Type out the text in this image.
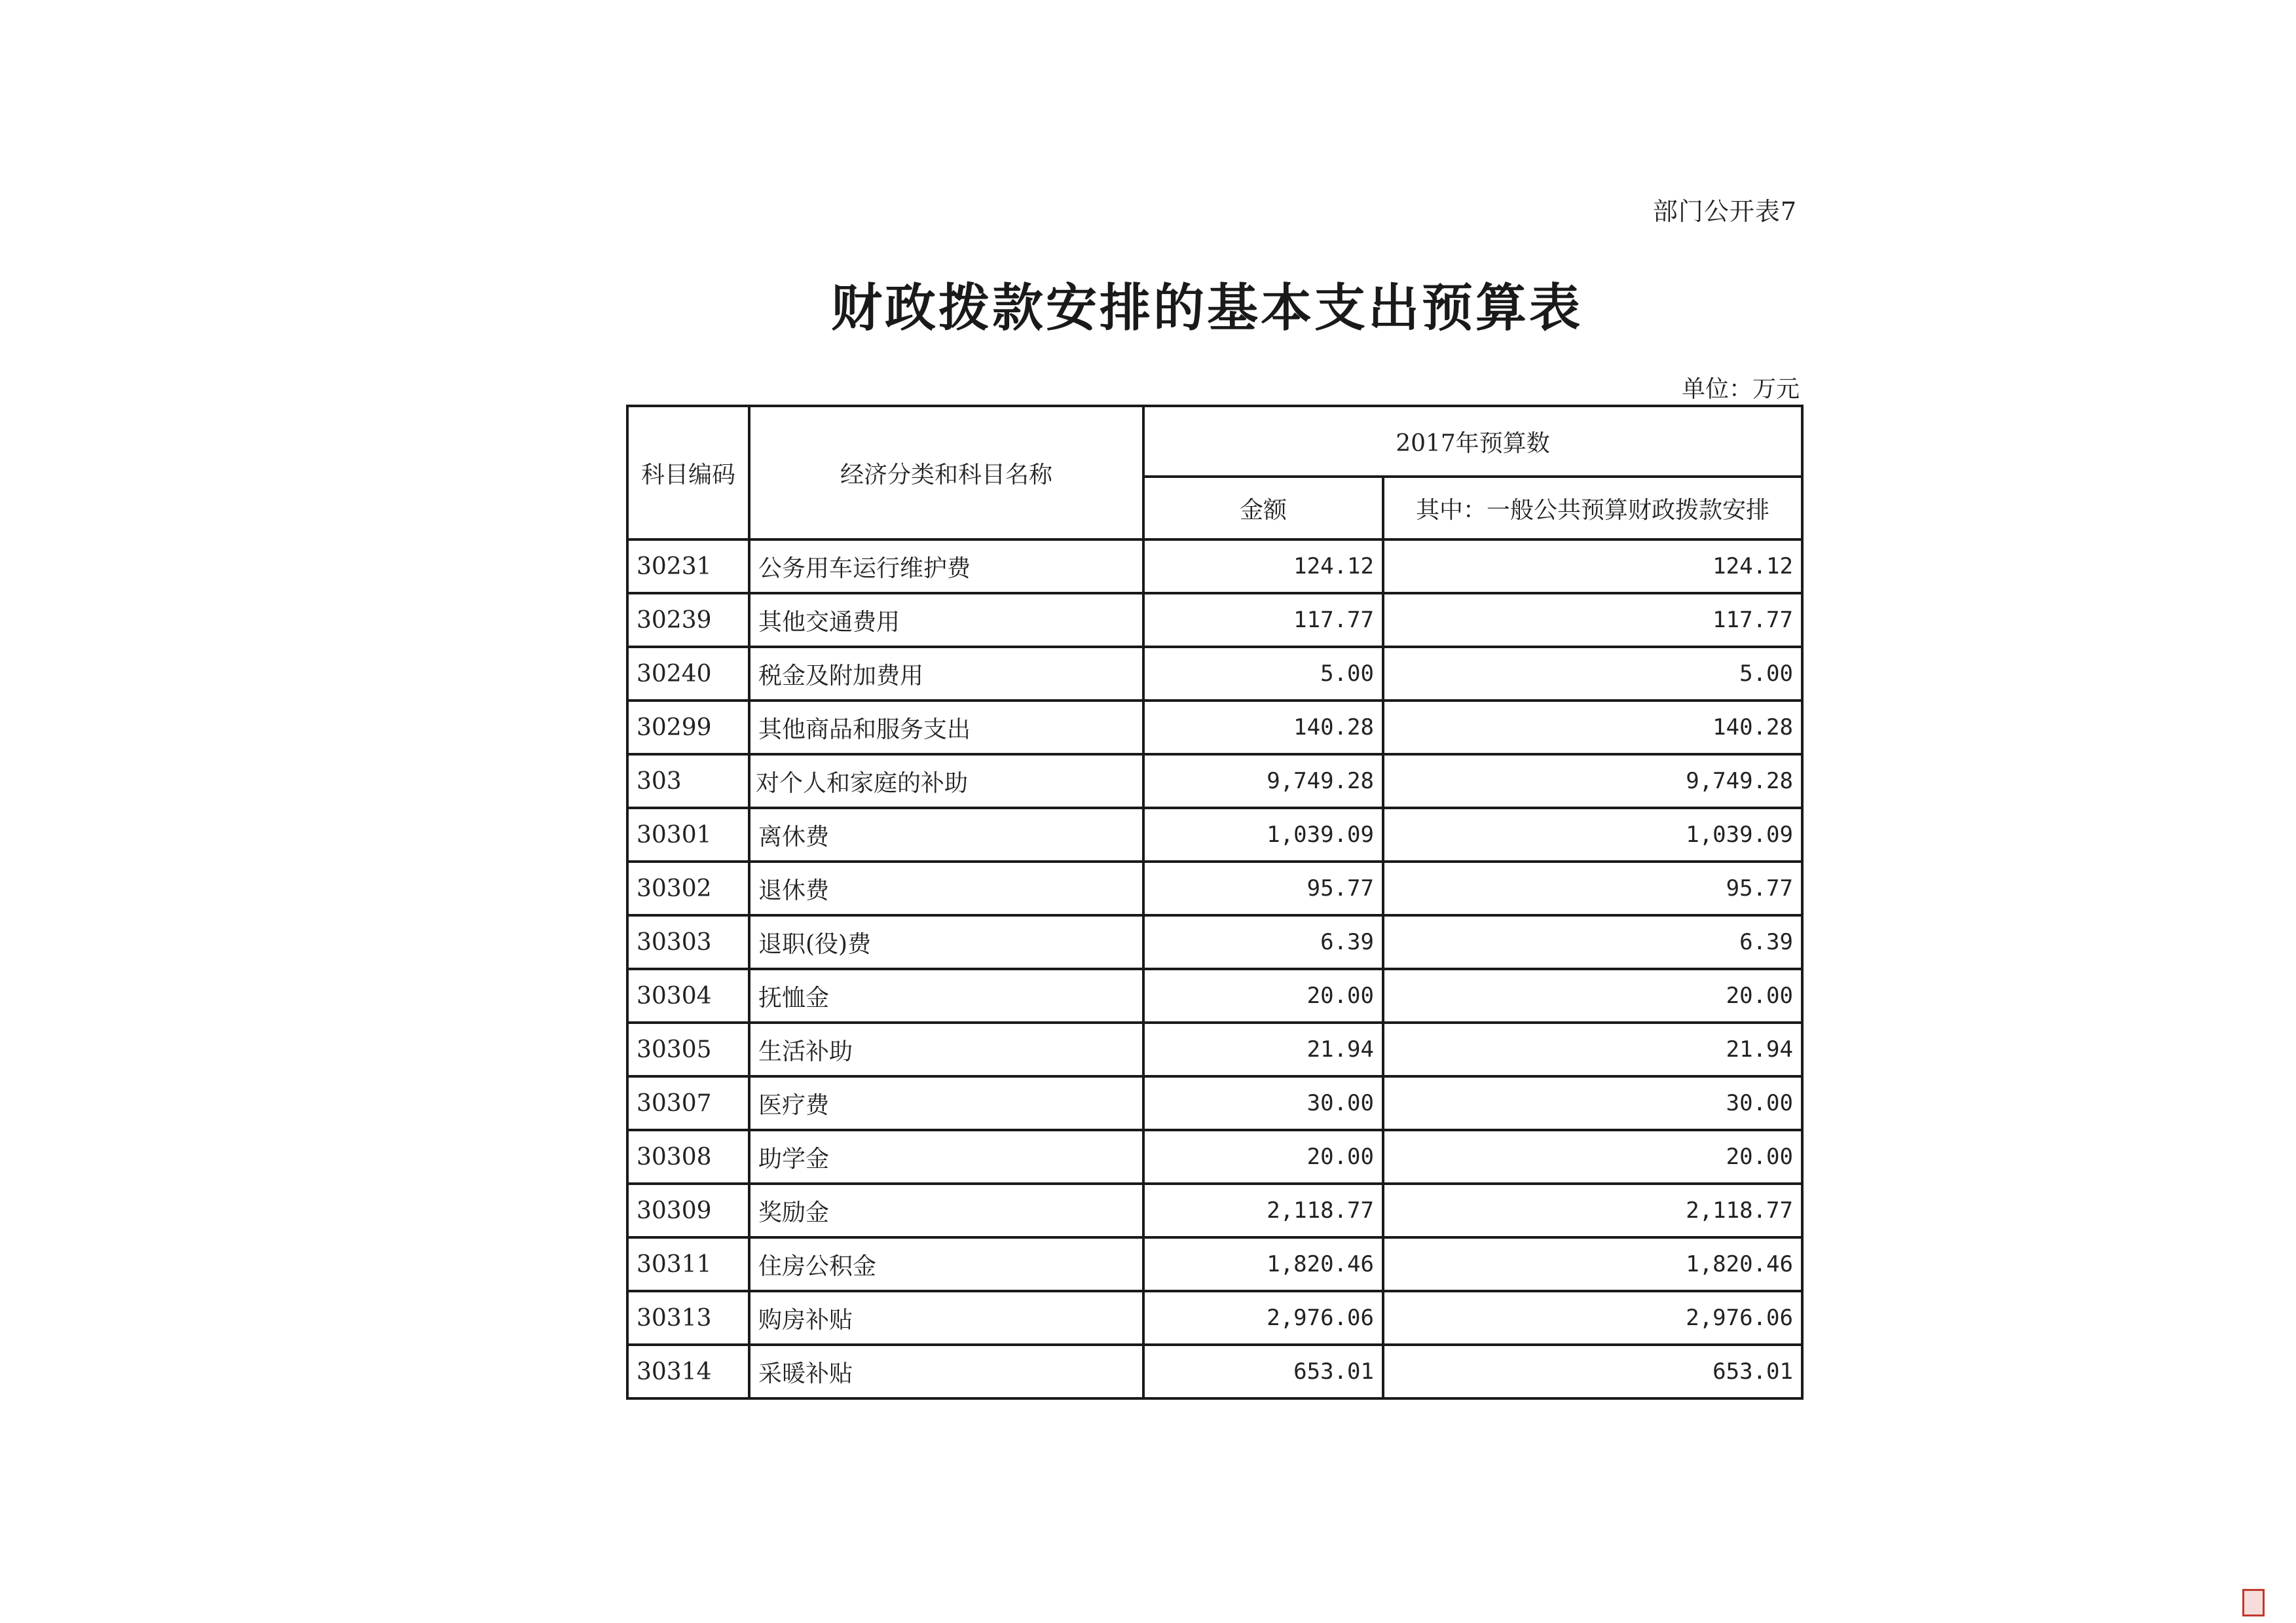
部门公开表7
财政拨款安排的基本支出预算表
单位：万元
科目编码	经济分类和科目名称	2017年预算数	
		金额	其中：一般公共预算财政拨款安排
30231	公务用车运行维护费	124.12	124.12
30239	其他交通费用	117.77	117.77
30240	税金及附加费用	5.00	5.00
30299	其他商品和服务支出	140.28	140.28
303	对个人和家庭的补助	9,749.28	9,749.28
30301	离休费	1,039.09	1,039.09
30302	退休费	95.77	95.77
30303	退职(役)费	6.39	6.39
30304	抚恤金	20.00	20.00
30305	生活补助	21.94	21.94
30307	医疗费	30.00	30.00
30308	助学金	20.00	20.00
30309	奖励金	2,118.77	2,118.77
30311	住房公积金	1,820.46	1,820.46
30313	购房补贴	2,976.06	2,976.06
30314	采暖补贴	653.01	653.01
